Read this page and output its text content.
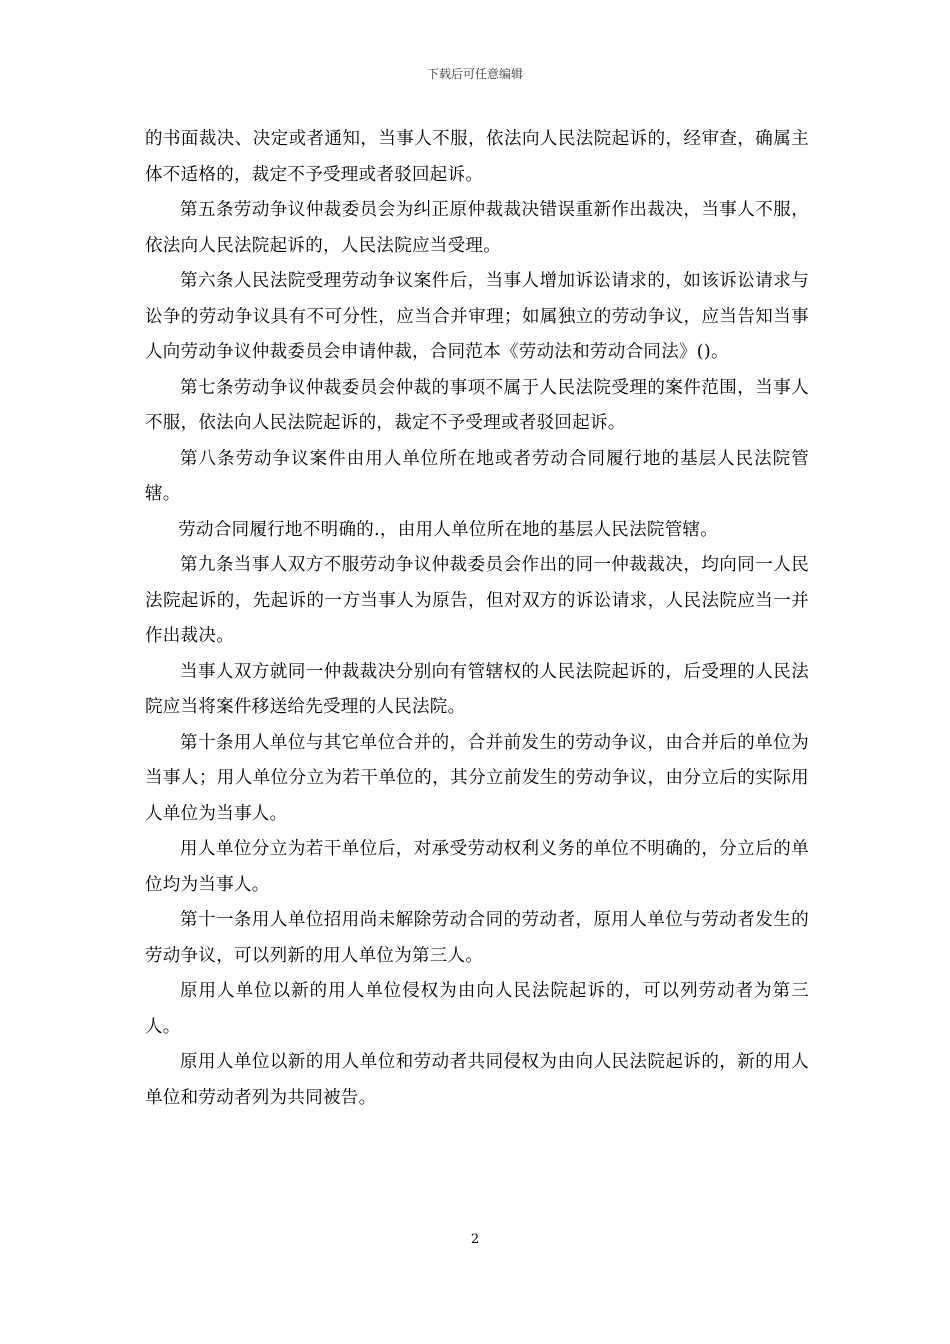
下载后可任意编辑

的书面裁决、决定或者通知，当事人不服，依法向人民法院起诉的，经审查，确属主体不适格的，裁定不予受理或者驳回起诉。

第五条劳动争议仲裁委员会为纠正原仲裁裁决错误重新作出裁决，当事人不服，依法向人民法院起诉的，人民法院应当受理。

第六条人民法院受理劳动争议案件后，当事人增加诉讼请求的，如该诉讼请求与讼争的劳动争议具有不可分性，应当合并审理；如属独立的劳动争议，应当告知当事人向劳动争议仲裁委员会申请仲裁，合同范本《劳动法和劳动合同法》()。

第七条劳动争议仲裁委员会仲裁的事项不属于人民法院受理的案件范围，当事人不服，依法向人民法院起诉的，裁定不予受理或者驳回起诉。

第八条劳动争议案件由用人单位所在地或者劳动合同履行地的基层人民法院管辖。

劳动合同履行地不明确的.，由用人单位所在地的基层人民法院管辖。

第九条当事人双方不服劳动争议仲裁委员会作出的同一仲裁裁决，均向同一人民法院起诉的，先起诉的一方当事人为原告，但对双方的诉讼请求，人民法院应当一并作出裁决。

当事人双方就同一仲裁裁决分别向有管辖权的人民法院起诉的，后受理的人民法院应当将案件移送给先受理的人民法院。

第十条用人单位与其它单位合并的，合并前发生的劳动争议，由合并后的单位为当事人；用人单位分立为若干单位的，其分立前发生的劳动争议，由分立后的实际用人单位为当事人。

用人单位分立为若干单位后，对承受劳动权利义务的单位不明确的，分立后的单位均为当事人。

第十一条用人单位招用尚未解除劳动合同的劳动者，原用人单位与劳动者发生的劳动争议，可以列新的用人单位为第三人。

原用人单位以新的用人单位侵权为由向人民法院起诉的，可以列劳动者为第三人。

原用人单位以新的用人单位和劳动者共同侵权为由向人民法院起诉的，新的用人单位和劳动者列为共同被告。

2
